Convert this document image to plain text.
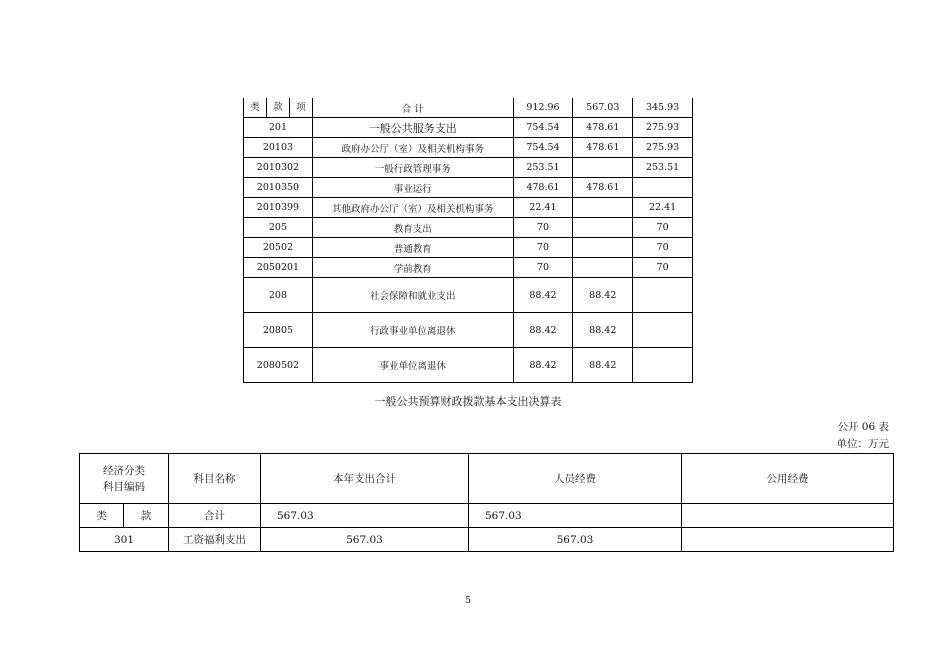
类 款 项	合 计	912.96	567.03	345.93
201	一般公共服务支出	754.54	478.61	275.93
20103	政府办公厅（室）及相关机构事务	754.54	478.61	275.93
2010302	一般行政管理事务	253.51		253.51
2010350	事业运行	478.61	478.61	
2010399	其他政府办公厅（室）及相关机构事务	22.41		22.41
205	教育支出	70		70
20502	普通教育	70		70
2050201	学前教育	70		70
208	社会保障和就业支出	88.42	88.42	
20805	行政事业单位离退休	88.42	88.42	
2080502	事业单位离退休	88.42	88.42	
一般公共预算财政拨款基本支出决算表
公开 06 表
单位：万元
经济分类
科目编码		科目名称	本年支出合计	人员经费	公用经费
类	款	合计	567.03	567.03	
301		工资福利支出	567.03	567.03	
5
